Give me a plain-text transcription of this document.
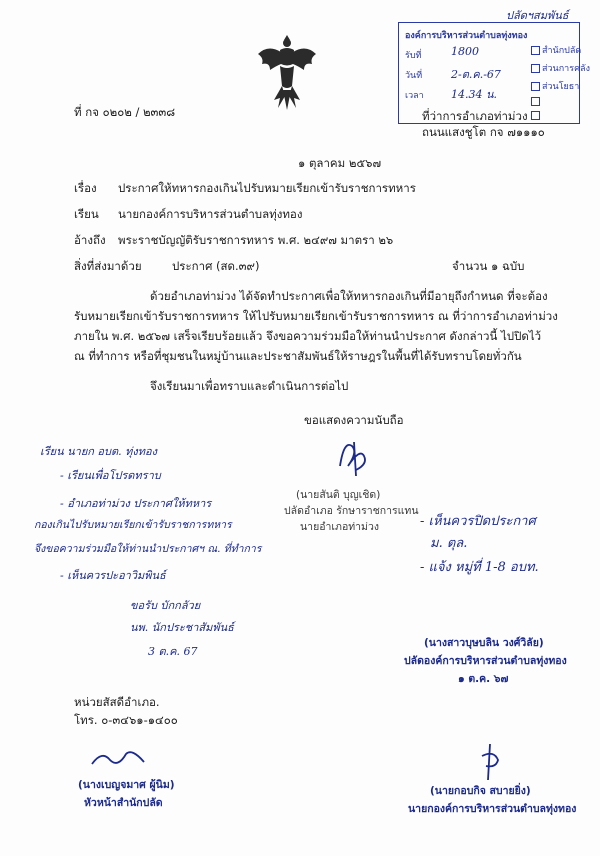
องค์การบริหารส่วนตำบลทุ่งทอง
รับที่	1800
วันที่	2-ต.ค.-67
เวลา 14.34 น.
สำนักปลัด
ส่วนการคลัง
ส่วนโยธา
ปลัดฯสมพันธ์
ที่ กจ ๐๒๐๒ / ๒๓๓๘	ที่ว่าการอำเภอท่าม่วง
ถนนแสงชูโต กจ ๗๑๑๑๐
๑ ตุลาคม ๒๕๖๗
เรื่อง ประกาศให้ทหารกองเกินไปรับหมายเรียกเข้ารับราชการทหาร
เรียน นายกองค์การบริหารส่วนตำบลทุ่งทอง
อ้างถึง พระราชบัญญัติรับราชการทหาร พ.ศ. ๒๔๙๗ มาตรา ๒๖
สิ่งที่ส่งมาด้วย	ประกาศ (สด.๓๙)	จำนวน ๑ ฉบับ
ด้วยอำเภอท่าม่วง ได้จัดทำประกาศเพื่อให้ทหารกองเกินที่มีอายุถึงกำหนด ที่จะต้อง
รับหมายเรียกเข้ารับราชการทหาร ให้ไปรับหมายเรียกเข้ารับราชการทหาร ณ ที่ว่าการอำเภอท่าม่วง
ภายใน พ.ศ. ๒๕๖๗ เสร็จเรียบร้อยแล้ว จึงขอความร่วมมือให้ท่านนำประกาศ ดังกล่าวนี้ ไปปิดไว้
ณ ที่ทำการ หรือที่ชุมชนในหมู่บ้านและประชาสัมพันธ์ให้ราษฎรในพื้นที่ได้รับทราบโดยทั่วกัน
จึงเรียนมาเพื่อทราบและดำเนินการต่อไป
ขอแสดงความนับถือ
(นายสันติ บุญเชิด)
ปลัดอำเภอ รักษาราชการแทน
นายอำเภอท่าม่วง
เรียน นายก อบต. ทุ่งทอง
- เรียนเพื่อโปรดทราบ
- อำเภอท่าม่วง ประกาศให้ทหาร
กองเกินไปรับหมายเรียกเข้ารับราชการทหาร
จึงขอความร่วมมือให้ท่านนำประกาศฯ ณ. ที่ทำการ
- เห็นควรปะอาวิมพินธ์
ขอรับ บักกลัวย
นพ. นักประชาสัมพันธ์
3 ต.ค. 67
- เห็นควรปิดประกาศ
ม. ตุล.
- แจ้ง หมู่ที่ 1-8 อบท.
(นางสาวบุษบลิน วงศ์วิลัย)
ปลัดองค์การบริหารส่วนตำบลทุ่งทอง
๑ ต.ค. ๖๗
หน่วยสัสดีอำเภอ.
โทร. ๐-๓๔๖๑-๑๔๐๐
(นางเบญจมาศ ผู้นิม)
หัวหน้าสำนักปลัด
(นายกอบกิจ สบายยิ่ง)
นายกองค์การบริหารส่วนตำบลทุ่งทอง
